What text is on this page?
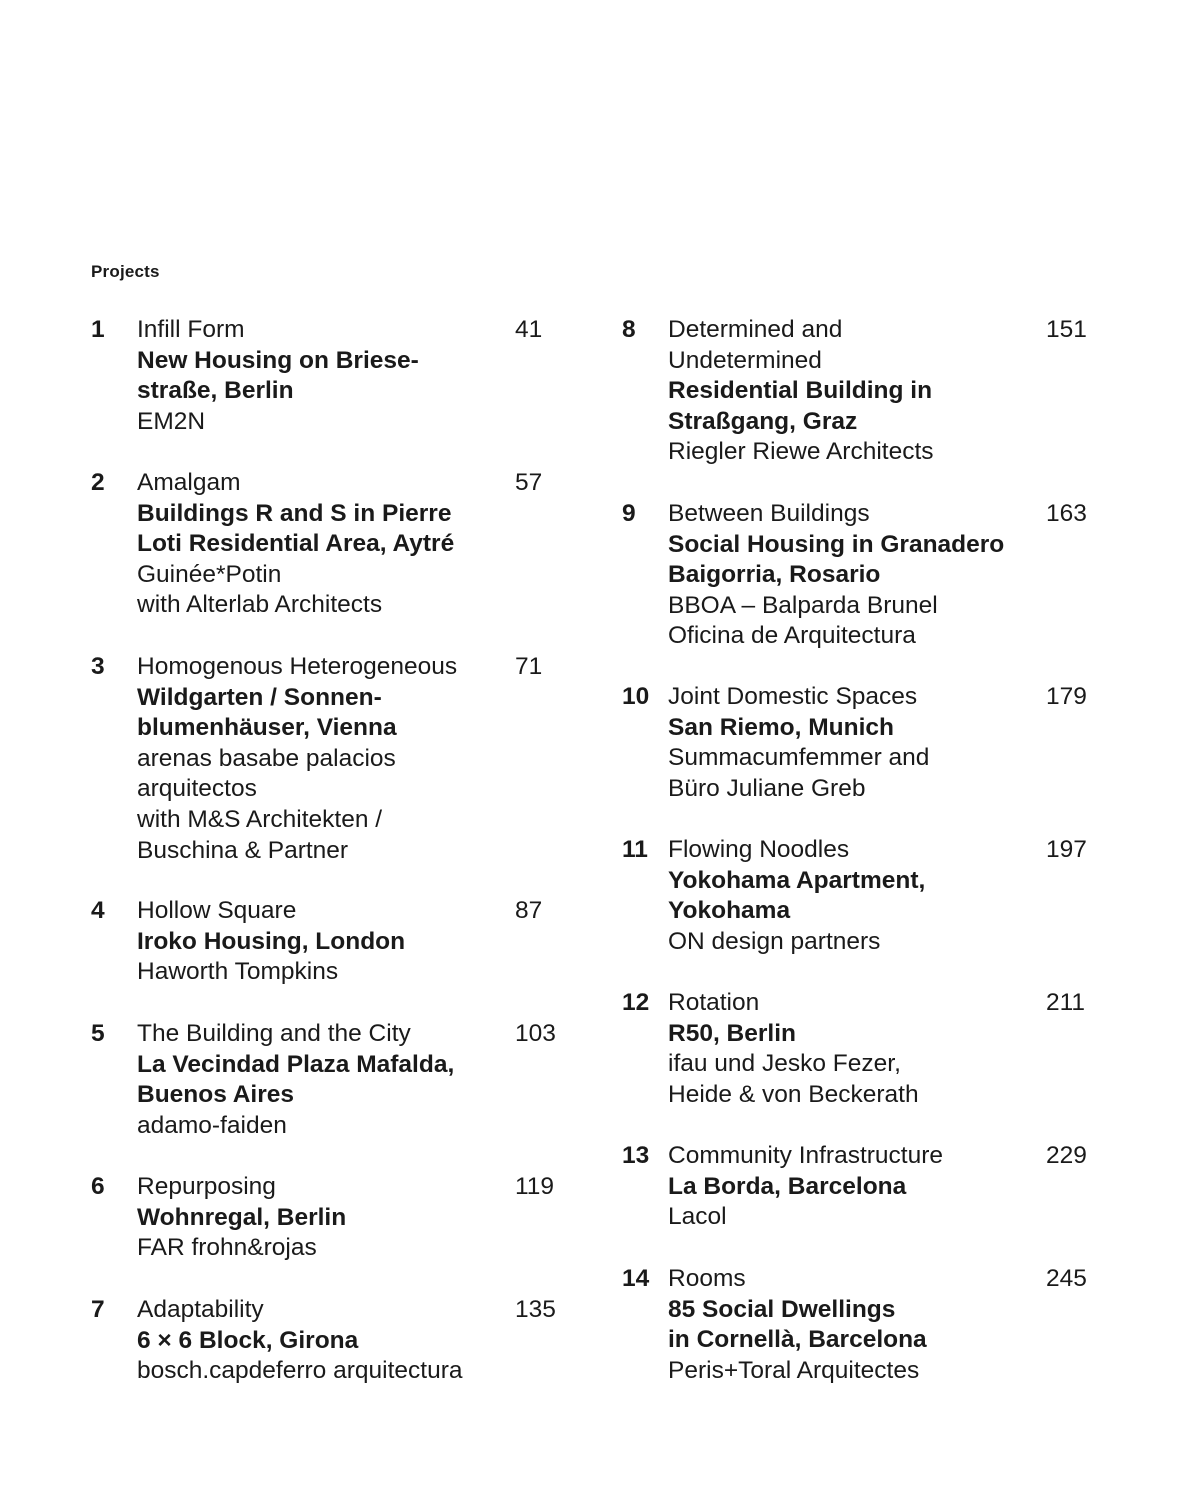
Projects
1 Infill Form
New Housing on Briese-
straße, Berlin
EM2N
41
2 Amalgam
Buildings R and S in Pierre
Loti Residential Area, Aytré
Guinée*Potin
with Alterlab Architects
57
3 Homogenous Heterogeneous
Wildgarten / Sonnen-
blumenhäuser, Vienna
arenas basabe palacios
arquitectos
with M&S Architekten /
Buschina & Partner
71
4 Hollow Square
Iroko Housing, London
Haworth Tompkins
87
5 The Building and the City
La Vecindad Plaza Mafalda,
Buenos Aires
adamo-faiden
103
6 Repurposing
Wohnregal, Berlin
FAR frohn&rojas
119
7 Adaptability
6 × 6 Block, Girona
bosch.capdeferro arquitectura
135
8 Determined and
Undetermined
Residential Building in
Straßgang, Graz
Riegler Riewe Architects
151
9 Between Buildings
Social Housing in Granadero
Baigorria, Rosario
BBOA – Balparda Brunel
Oficina de Arquitectura
163
10 Joint Domestic Spaces
San Riemo, Munich
Summacumfemmer and
Büro Juliane Greb
179
11 Flowing Noodles
Yokohama Apartment,
Yokohama
ON design partners
197
12 Rotation
R50, Berlin
ifau und Jesko Fezer,
Heide & von Beckerath
211
13 Community Infrastructure
La Borda, Barcelona
Lacol
229
14 Rooms
85 Social Dwellings
in Cornellà, Barcelona
Peris+Toral Arquitectes
245
